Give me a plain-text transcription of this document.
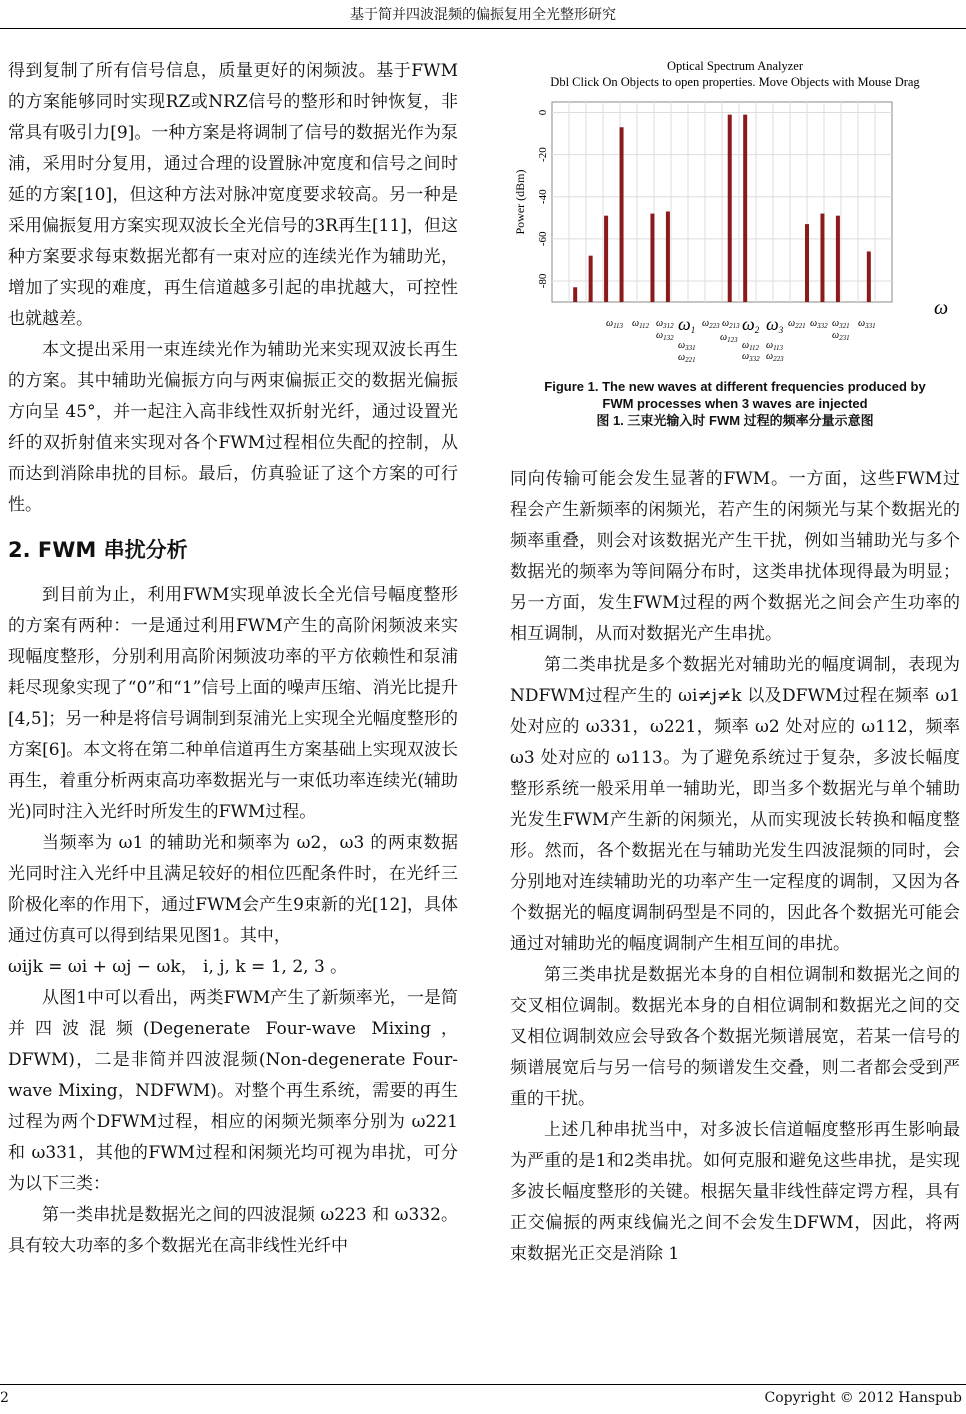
基于简并四波混频的偏振复用全光整形研究

得到复制了所有信号信息，质量更好的闲频波。基于FWM的方案能够同时实现RZ或NRZ信号的整形和时钟恢复，非常具有吸引力[9]。一种方案是将调制了信号的数据光作为泵浦，采用时分复用，通过合理的设置脉冲宽度和信号之间时延的方案[10]，但这种方法对脉冲宽度要求较高。另一种是采用偏振复用方案实现双波长全光信号的3R再生[11]，但这种方案要求每束数据光都有一束对应的连续光作为辅助光，增加了实现的难度，再生信道越多引起的串扰越大，可控性也就越差。

本文提出采用一束连续光作为辅助光来实现双波长再生的方案。其中辅助光偏振方向与两束偏振正交的数据光偏振方向呈 45°，并一起注入高非线性双折射光纤，通过设置光纤的双折射值来实现对各个FWM过程相位失配的控制，从而达到消除串扰的目标。最后，仿真验证了这个方案的可行性。

2. FWM 串扰分析

到目前为止，利用FWM实现单波长全光信号幅度整形的方案有两种：一是通过利用FWM产生的高阶闲频波来实现幅度整形，分别利用高阶闲频波功率的平方依赖性和泵浦耗尽现象实现了“0”和“1”信号上面的噪声压缩、消光比提升[4,5]；另一种是将信号调制到泵浦光上实现全光幅度整形的方案[6]。本文将在第二种单信道再生方案基础上实现双波长再生，着重分析两束高功率数据光与一束低功率连续光(辅助光)同时注入光纤时所发生的FWM过程。

当频率为 ω1 的辅助光和频率为 ω2，ω3 的两束数据光同时注入光纤中且满足较好的相位匹配条件时，在光纤三阶极化率的作用下，通过FWM会产生9束新的光[12]，具体通过仿真可以得到结果见图1。其中，

ωijk = ωi + ωj − ωk， i, j, k = 1, 2, 3 。

从图1中可以看出，两类FWM产生了新频率光，一是简并四波混频(Degenerate Four-wave Mixing，DFWM)，二是非简并四波混频(Non-degenerate Four-wave Mixing，NDFWM)。对整个再生系统，需要的再生过程为两个DFWM过程，相应的闲频光频率分别为 ω221 和 ω331，其他的FWM过程和闲频光均可视为串扰，可分为以下三类：

第一类串扰是数据光之间的四波混频 ω223 和 ω332。具有较大功率的多个数据光在高非线性光纤中

Optical Spectrum Analyzer
Dbl Click On Objects to open properties. Move Objects with Mouse Drag
0
-20
-40
-60
-80
Power (dBm)
ω
$\omega_{113}$ $\omega_{112}$ $\omega_{312}$
$\omega_{132}$
ω1
$\omega_{223}$ $\omega_{213}$
$\omega_{331}$
$\omega_{221}$
$\omega_{123}$
ω2 ω3
$\omega_{112}$ $\omega_{113}$
$\omega_{332}$ $\omega_{223}$
$\omega_{221}$ $\omega_{332}$ $\omega_{321}$
$\omega_{231}$
$\omega_{331}$
Figure 1. The new waves at different frequencies produced by
FWM processes when 3 waves are injected
图 1. 三束光输入时 FWM 过程的频率分量示意图

同向传输可能会发生显著的FWM。一方面，这些FWM过程会产生新频率的闲频光，若产生的闲频光与某个数据光的频率重叠，则会对该数据光产生干扰，例如当辅助光与多个数据光的频率为等间隔分布时，这类串扰体现得最为明显；另一方面，发生FWM过程的两个数据光之间会产生功率的相互调制，从而对数据光产生串扰。

第二类串扰是多个数据光对辅助光的幅度调制，表现为NDFWM过程产生的 ωi≠j≠k 以及DFWM过程在频率 ω1 处对应的 ω331，ω221，频率 ω2 处对应的 ω112，频率 ω3 处对应的 ω113。为了避免系统过于复杂，多波长幅度整形系统一般采用单一辅助光，即当多个数据光与单个辅助光发生FWM产生新的闲频光，从而实现波长转换和幅度整形。然而，各个数据光在与辅助光发生四波混频的同时，会分别地对连续辅助光的功率产生一定程度的调制，又因为各个数据光的幅度调制码型是不同的，因此各个数据光可能会通过对辅助光的幅度调制产生相互间的串扰。

第三类串扰是数据光本身的自相位调制和数据光之间的交叉相位调制。数据光本身的自相位调制和数据光之间的交叉相位调制效应会导致各个数据光频谱展宽，若某一信号的频谱展宽后与另一信号的频谱发生交叠，则二者都会受到严重的干扰。

上述几种串扰当中，对多波长信道幅度整形再生影响最为严重的是1和2类串扰。如何克服和避免这些串扰，是实现多波长幅度整形的关键。根据矢量非线性薛定谔方程，具有正交偏振的两束线偏光之间不会发生DFWM，因此，将两束数据光正交是消除 1

2	Copyright © 2012 Hanspub
